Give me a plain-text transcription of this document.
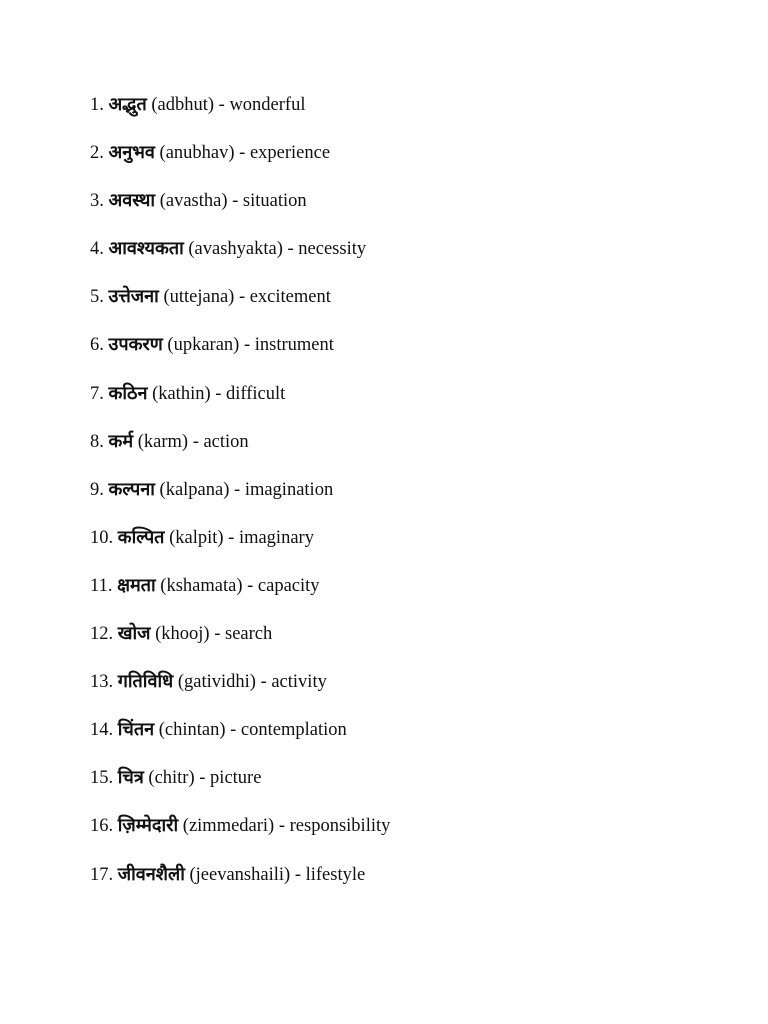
1. अद्भुत (adbhut) - wonderful
2. अनुभव (anubhav) - experience
3. अवस्था (avastha) - situation
4. आवश्यकता (avashyakta) - necessity
5. उत्तेजना (uttejana) - excitement
6. उपकरण (upkaran) - instrument
7. कठिन (kathin) - difficult
8. कर्म (karm) - action
9. कल्पना (kalpana) - imagination
10. कल्पित (kalpit) - imaginary
11. क्षमता (kshamata) - capacity
12. खोज (khooj) - search
13. गतिविधि (gatividhi) - activity
14. चिंतन (chintan) - contemplation
15. चित्र (chitr) - picture
16. ज़िम्मेदारी (zimmedari) - responsibility
17. जीवनशैली (jeevanshaili) - lifestyle
